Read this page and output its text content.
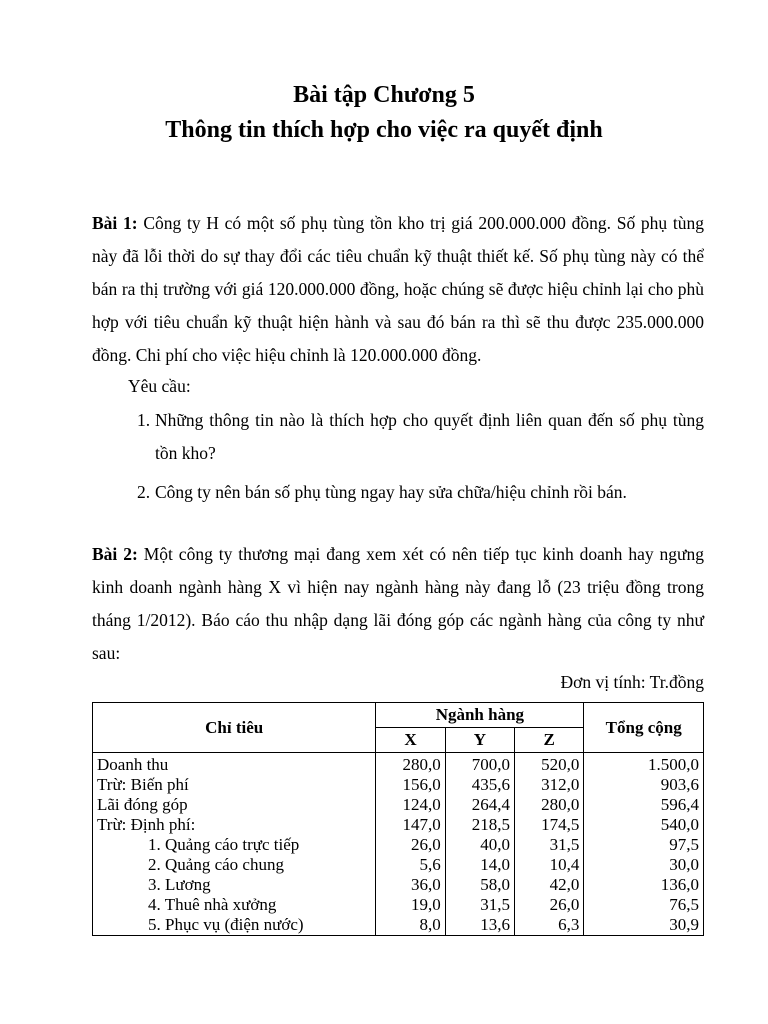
Bài tập Chương 5
Thông tin thích hợp cho việc ra quyết định

Bài 1: Công ty H có một số phụ tùng tồn kho trị giá 200.000.000 đồng. Số phụ tùng này đã lỗi thời do sự thay đổi các tiêu chuẩn kỹ thuật thiết kế. Số phụ tùng này có thể bán ra thị trường với giá 120.000.000 đồng, hoặc chúng sẽ được hiệu chỉnh lại cho phù hợp với tiêu chuẩn kỹ thuật hiện hành và sau đó bán ra thì sẽ thu được 235.000.000 đồng. Chi phí cho việc hiệu chỉnh là 120.000.000 đồng.

Yêu cầu:

1. Những thông tin nào là thích hợp cho quyết định liên quan đến số phụ tùng tồn kho?
2. Công ty nên bán số phụ tùng ngay hay sửa chữa/hiệu chỉnh rồi bán.

Bài 2: Một công ty thương mại đang xem xét có nên tiếp tục kinh doanh hay ngưng kinh doanh ngành hàng X vì hiện nay ngành hàng này đang lỗ (23 triệu đồng trong tháng 1/2012). Báo cáo thu nhập dạng lãi đóng góp các ngành hàng của công ty như sau:

Đơn vị tính: Tr.đồng

Chỉ tiêu	Ngành hàng			Tổng cộng
	X	Y	Z	
Doanh thu	280,0	700,0	520,0	1.500,0
Trừ: Biến phí	156,0	435,6	312,0	903,6
Lãi đóng góp	124,0	264,4	280,0	596,4
Trừ: Định phí:	147,0	218,5	174,5	540,0
1. Quảng cáo trực tiếp	26,0	40,0	31,5	97,5
2. Quảng cáo chung	5,6	14,0	10,4	30,0
3. Lương	36,0	58,0	42,0	136,0
4. Thuê nhà xưởng	19,0	31,5	26,0	76,5
5. Phục vụ (điện nước)	8,0	13,6	6,3	30,9
